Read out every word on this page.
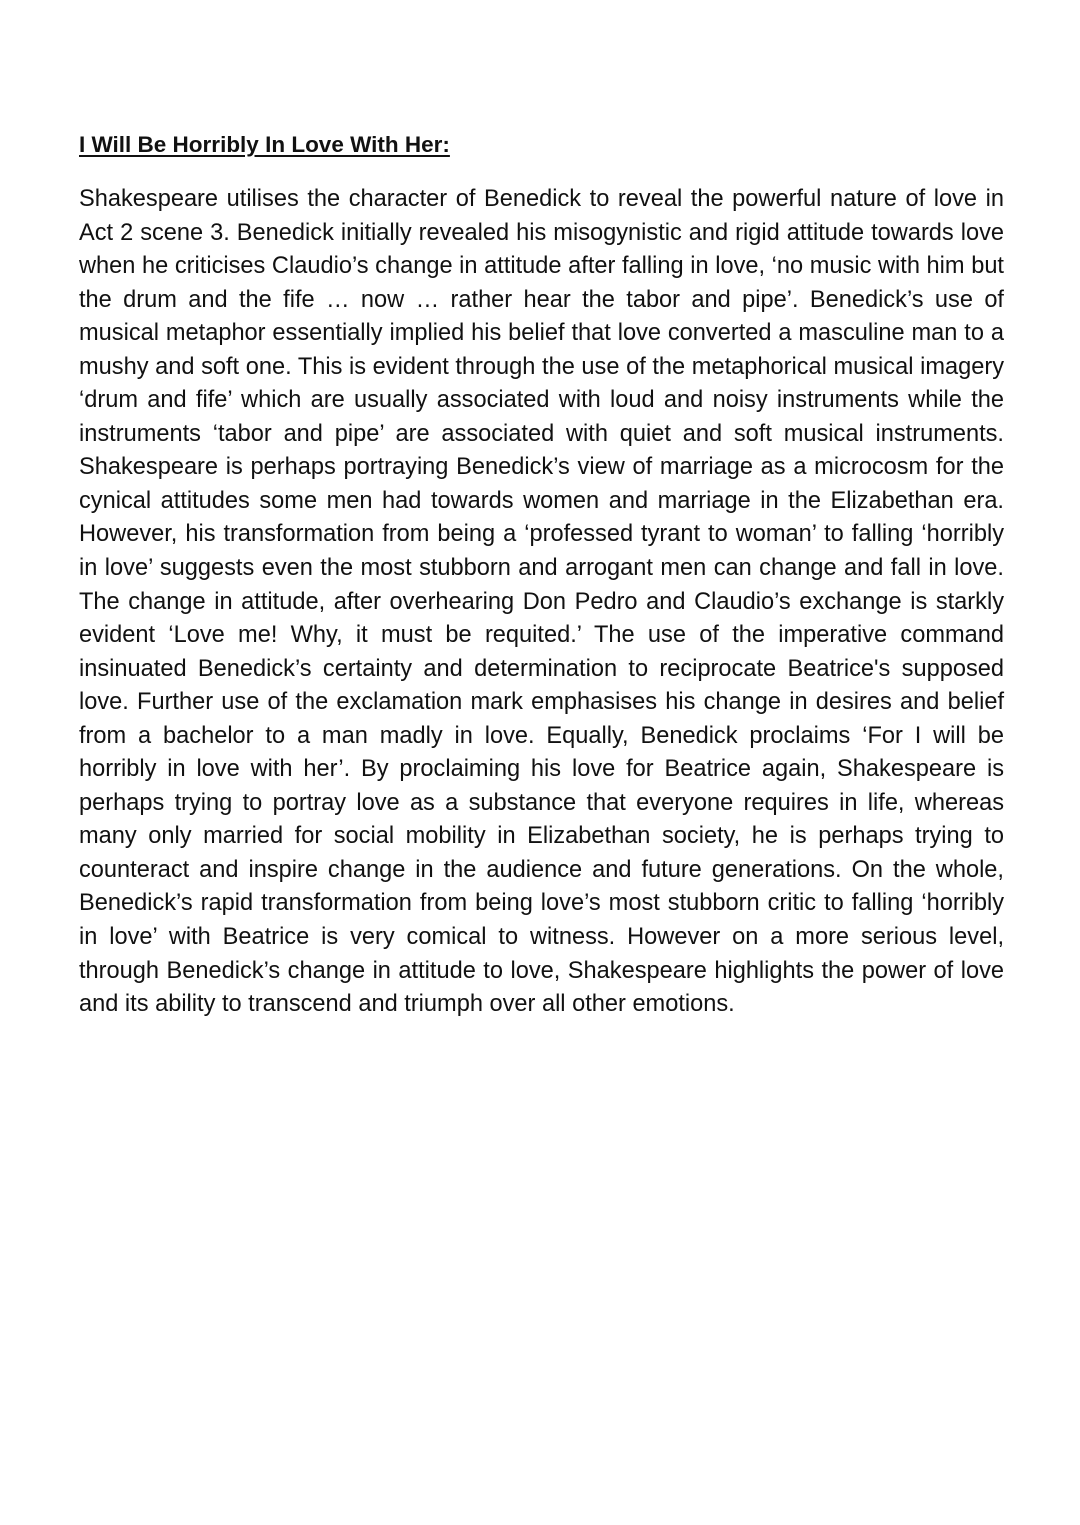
I Will Be Horribly In Love With Her:

Shakespeare utilises the character of Benedick to reveal the powerful nature of love in Act 2 scene 3. Benedick initially revealed his misogynistic and rigid attitude towards love when he criticises Claudio’s change in attitude after falling in love, ‘no music with him but the drum and the fife … now … rather hear the tabor and pipe’. Benedick’s use of musical metaphor essentially implied his belief that love converted a masculine man to a mushy and soft one. This is evident through the use of the metaphorical musical imagery ‘drum and fife’ which are usually associated with loud and noisy instruments while the instruments ‘tabor and pipe’ are associated with quiet and soft musical instruments. Shakespeare is perhaps portraying Benedick’s view of marriage as a microcosm for the cynical attitudes some men had towards women and marriage in the Elizabethan era. However, his transformation from being a ‘professed tyrant to woman’ to falling ‘horribly in love’ suggests even the most stubborn and arrogant men can change and fall in love. The change in attitude, after overhearing Don Pedro and Claudio’s exchange is starkly evident ‘Love me! Why, it must be requited.’ The use of the imperative command insinuated Benedick’s certainty and determination to reciprocate Beatrice's supposed love. Further use of the exclamation mark emphasises his change in desires and belief from a bachelor to a man madly in love. Equally, Benedick proclaims ‘For I will be horribly in love with her’. By proclaiming his love for Beatrice again, Shakespeare is perhaps trying to portray love as a substance that everyone requires in life, whereas many only married for social mobility in Elizabethan society, he is perhaps trying to counteract and inspire change in the audience and future generations. On the whole, Benedick’s rapid transformation from being love’s most stubborn critic to falling ‘horribly in love’ with Beatrice is very comical to witness. However on a more serious level, through Benedick’s change in attitude to love, Shakespeare highlights the power of love and its ability to transcend and triumph over all other emotions.
